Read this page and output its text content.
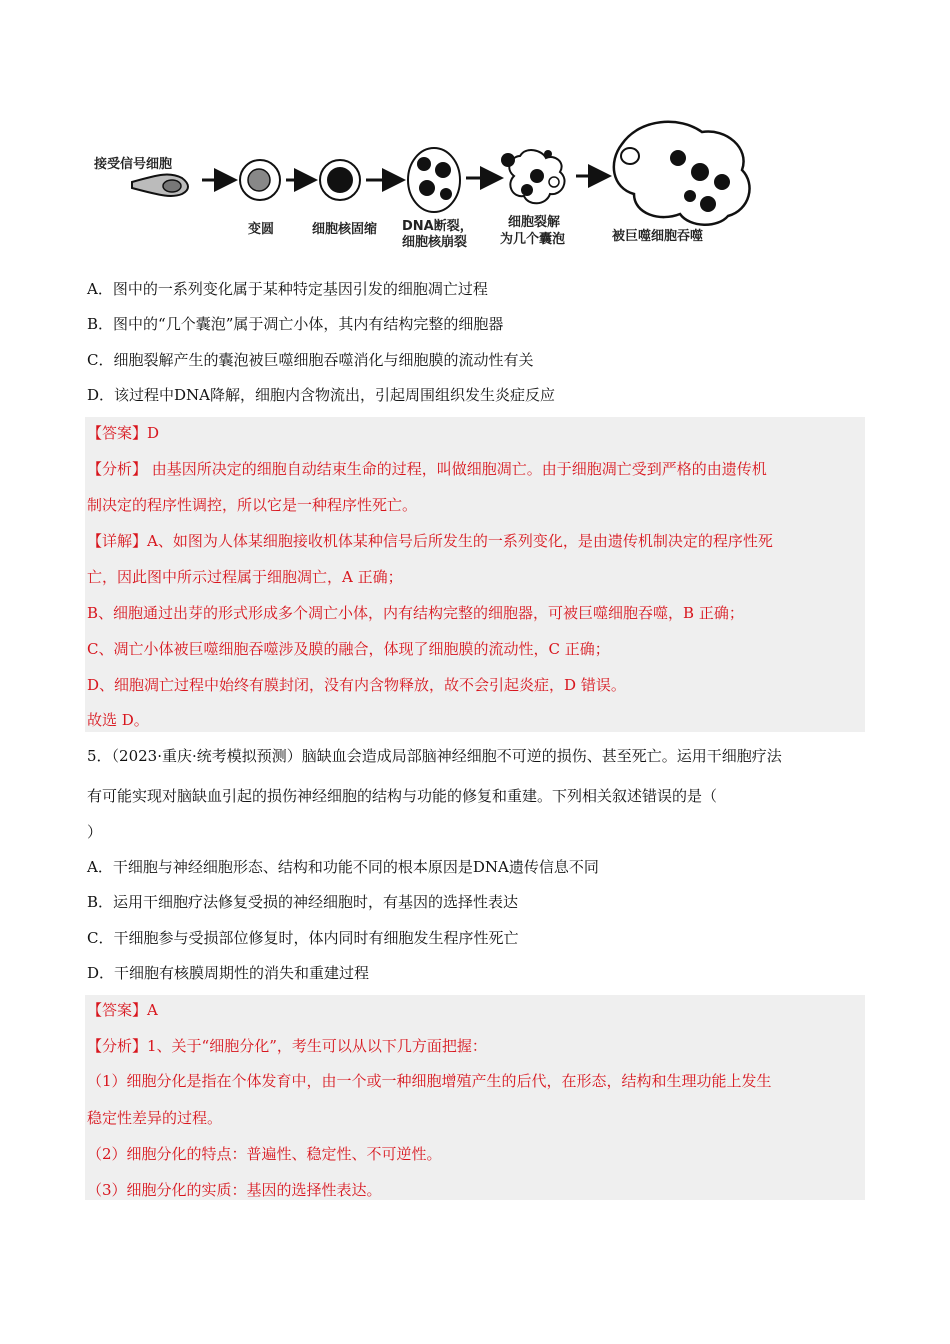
接受信号细胞
变圆	细胞核固缩 DNA断裂，
细胞核崩裂
细胞裂解
为几个囊泡	被巨噬细胞吞噬
A．图中的一系列变化属于某种特定基因引发的细胞凋亡过程
B．图中的“几个囊泡”属于凋亡小体，其内有结构完整的细胞器
C．细胞裂解产生的囊泡被巨噬细胞吞噬消化与细胞膜的流动性有关
D．该过程中DNA降解，细胞内含物流出，引起周围组织发生炎症反应
【答案】D
【分析】 由基因所决定的细胞自动结束生命的过程，叫做细胞凋亡。由于细胞凋亡受到严格的由遗传机
制决定的程序性调控，所以它是一种程序性死亡。
【详解】A、如图为人体某细胞接收机体某种信号后所发生的一系列变化，是由遗传机制决定的程序性死
亡，因此图中所示过程属于细胞凋亡，A 正确；
B、细胞通过出芽的形式形成多个凋亡小体，内有结构完整的细胞器，可被巨噬细胞吞噬，B 正确；
C、凋亡小体被巨噬细胞吞噬涉及膜的融合，体现了细胞膜的流动性，C 正确；
D、细胞凋亡过程中始终有膜封闭，没有内含物释放，故不会引起炎症，D 错误。
故选 D。
5．（2023·重庆·统考模拟预测）脑缺血会造成局部脑神经细胞不可逆的损伤、甚至死亡。运用干细胞疗法
有可能实现对脑缺血引起的损伤神经细胞的结构与功能的修复和重建。下列相关叙述错误的是（
）
A．干细胞与神经细胞形态、结构和功能不同的根本原因是DNA遗传信息不同
B．运用干细胞疗法修复受损的神经细胞时，有基因的选择性表达
C．干细胞参与受损部位修复时，体内同时有细胞发生程序性死亡
D．干细胞有核膜周期性的消失和重建过程
【答案】A
【分析】1、关于“细胞分化”，考生可以从以下几方面把握：
（1）细胞分化是指在个体发育中，由一个或一种细胞增殖产生的后代，在形态，结构和生理功能上发生
稳定性差异的过程。
（2）细胞分化的特点：普遍性、稳定性、不可逆性。
（3）细胞分化的实质：基因的选择性表达。
